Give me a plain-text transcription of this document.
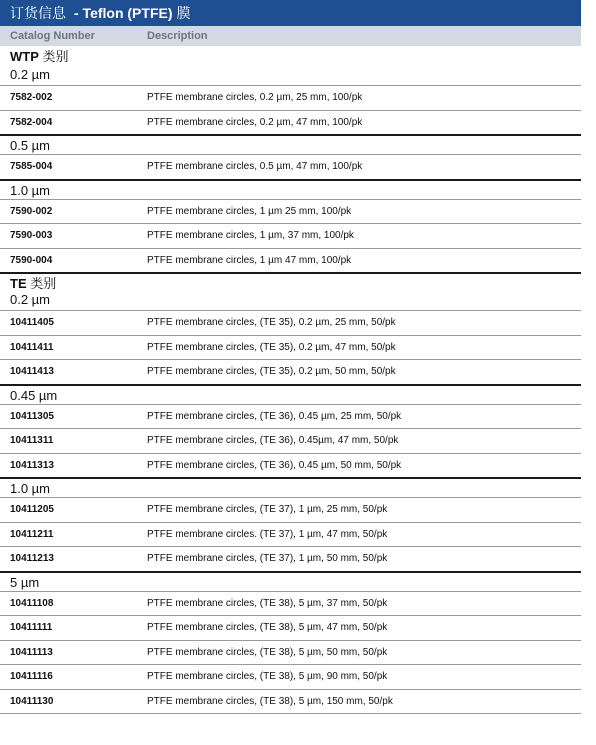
订货信息 - Teflon (PTFE) 膜
Catalog Number	Description
WTP 类别
0.2 µm
7582-002	PTFE membrane circles, 0.2 µm, 25 mm, 100/pk
7582-004	PTFE membrane circles, 0.2 µm, 47 mm, 100/pk
0.5 µm
7585-004	PTFE membrane circles, 0.5 µm, 47 mm, 100/pk
1.0 µm
7590-002	PTFE membrane circles, 1 µm 25 mm, 100/pk
7590-003	PTFE membrane circles, 1 µm, 37 mm, 100/pk
7590-004	PTFE membrane circles, 1 µm 47 mm, 100/pk
TE 类别
0.2 µm
10411405	PTFE membrane circles, (TE 35), 0.2 µm, 25 mm, 50/pk
10411411	PTFE membrane circles, (TE 35), 0.2 µm, 47 mm, 50/pk
10411413	PTFE membrane circles, (TE 35), 0.2 µm, 50 mm, 50/pk
0.45 µm
10411305	PTFE membrane circles, (TE 36), 0.45 µm, 25 mm, 50/pk
10411311	PTFE membrane circles, (TE 36), 0.45µm, 47 mm, 50/pk
10411313	PTFE membrane circles, (TE 36), 0.45 µm, 50 mm, 50/pk
1.0 µm
10411205	PTFE membrane circles, (TE 37), 1 µm, 25 mm, 50/pk
10411211	PTFE membrane circles. (TE 37), 1 µm, 47 mm, 50/pk
10411213	PTFE membrane circles, (TE 37), 1 µm, 50 mm, 50/pk
5 µm
10411108	PTFE membrane circles, (TE 38), 5 µm, 37 mm, 50/pk
10411111	PTFE membrane circles, (TE 38), 5 µm, 47 mm, 50/pk
10411113	PTFE membrane circles, (TE 38), 5 µm, 50 mm, 50/pk
10411116	PTFE membrane circles, (TE 38), 5 µm, 90 mm, 50/pk
10411130	PTFE membrane circles, (TE 38), 5 µm, 150 mm, 50/pk
